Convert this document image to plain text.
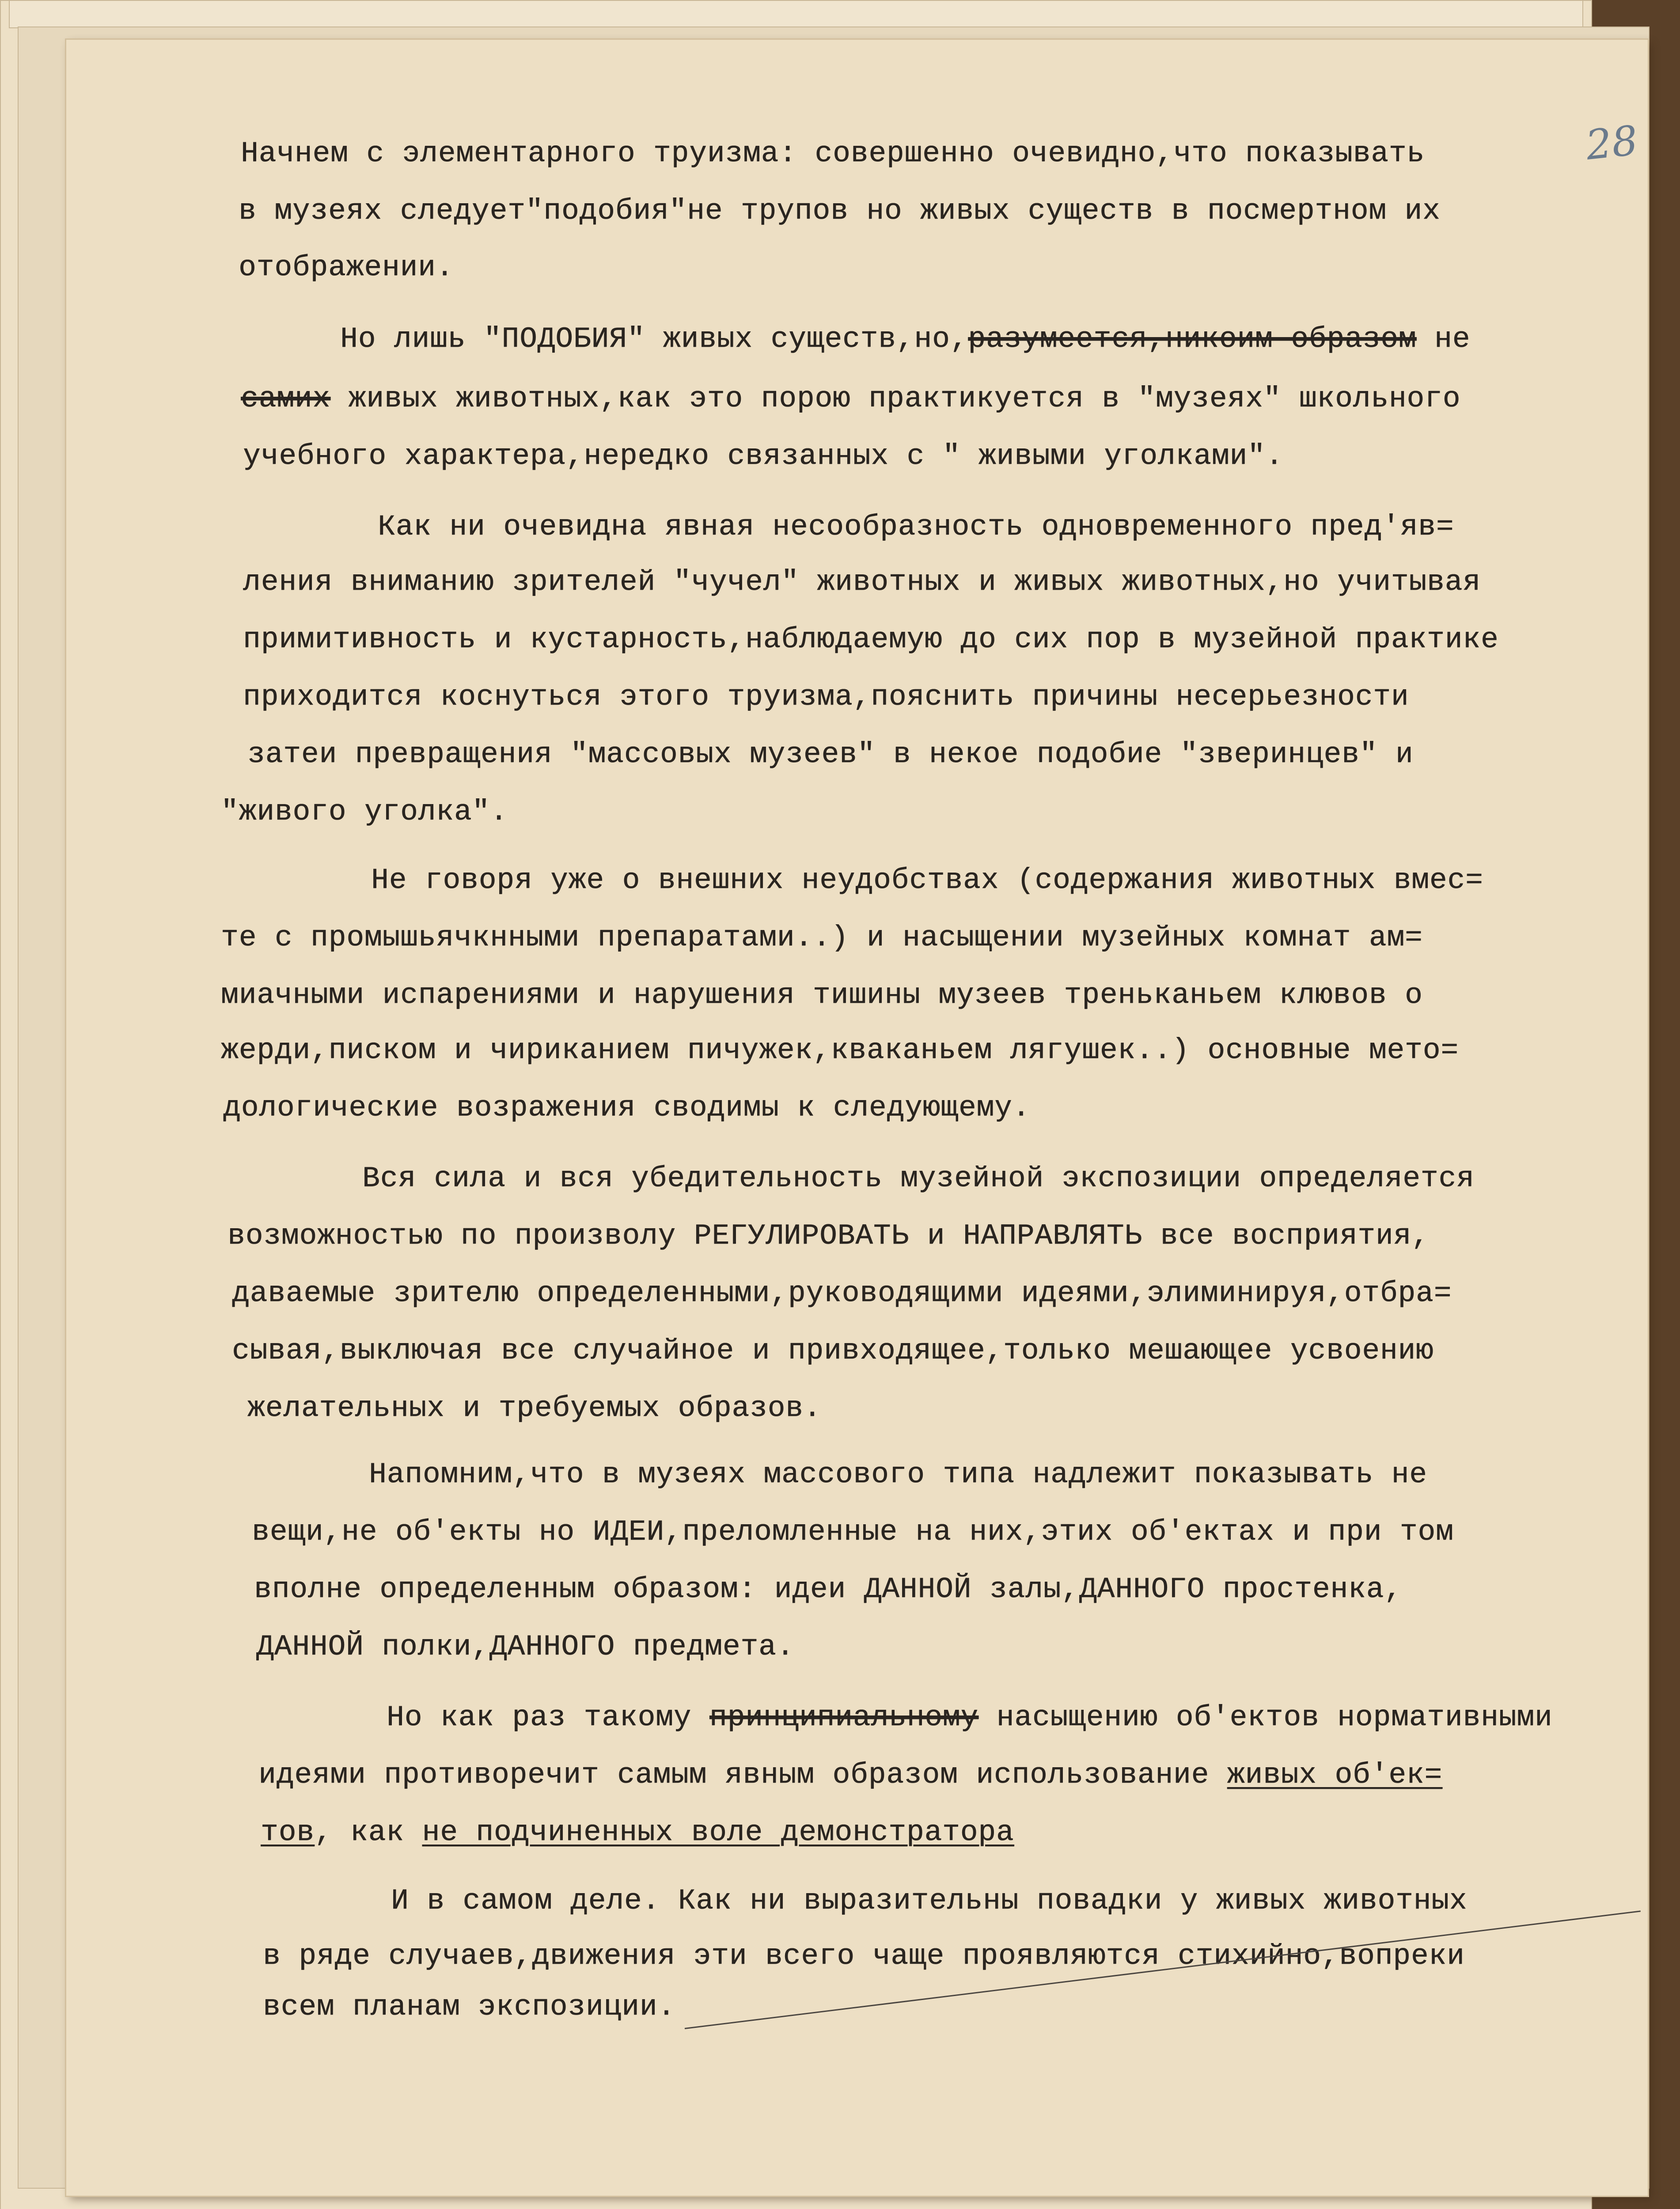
28
Начнем с элементарного труизма: совершенно очевидно,что показывать
в музеях следует"подобия"не трупов но живых существ в посмертном их
отображении.
Но лишь "ПОДОБИЯ" живых существ,но,разумеется,никоим образом не
самих живых животных,как это порою практикуется в "музеях" школьного
учебного характера,нередко связанных с " живыми уголками".
Как ни очевидна явная несообразность одновременного пред'яв=
ления вниманию зрителей "чучел" животных и живых животных,но учитывая
примитивность и кустарность,наблюдаемую до сих пор в музейной практике
приходится коснуться этого труизма,пояснить причины несерьезности
затеи превращения "массовых музеев" в некое подобие "зверинцев" и
"живого уголка".
Не говоря уже о внешних неудобствах (содержания животных вмес=
те с промышьячкнными препаратами..) и насыщении музейных комнат ам=
миачными испарениями и нарушения тишины музеев треньканьем клювов о
жерди,писком и чириканием пичужек,кваканьем лягушек..) основные мето=
дологические возражения сводимы к следующему.
Вся сила и вся убедительность музейной экспозиции определяется
возможностью по произволу РЕГУЛИРОВАТЬ и НАПРАВЛЯТЬ все восприятия,
даваемые зрителю определенными,руководящими идеями,элиминируя,отбра=
сывая,выключая все случайное и привходящее,только мешающее усвоению
желательных и требуемых образов.
Напомним,что в музеях массового типа надлежит показывать не
вещи,не об'екты но ИДЕИ,преломленные на них,этих об'ектах и при том
вполне определенным образом: идеи ДАННОЙ залы,ДАННОГО простенка,
ДАННОЙ полки,ДАННОГО предмета.
Но как раз такому принципиальному насыщению об'ектов нормативными
идеями противоречит самым явным образом использование живых об'ек=
тов, как не подчиненных воле демонстратора
И в самом деле. Как ни выразительны повадки у живых животных
в ряде случаев,движения эти всего чаще проявляются стихийно,вопреки
всем планам экспозиции.
